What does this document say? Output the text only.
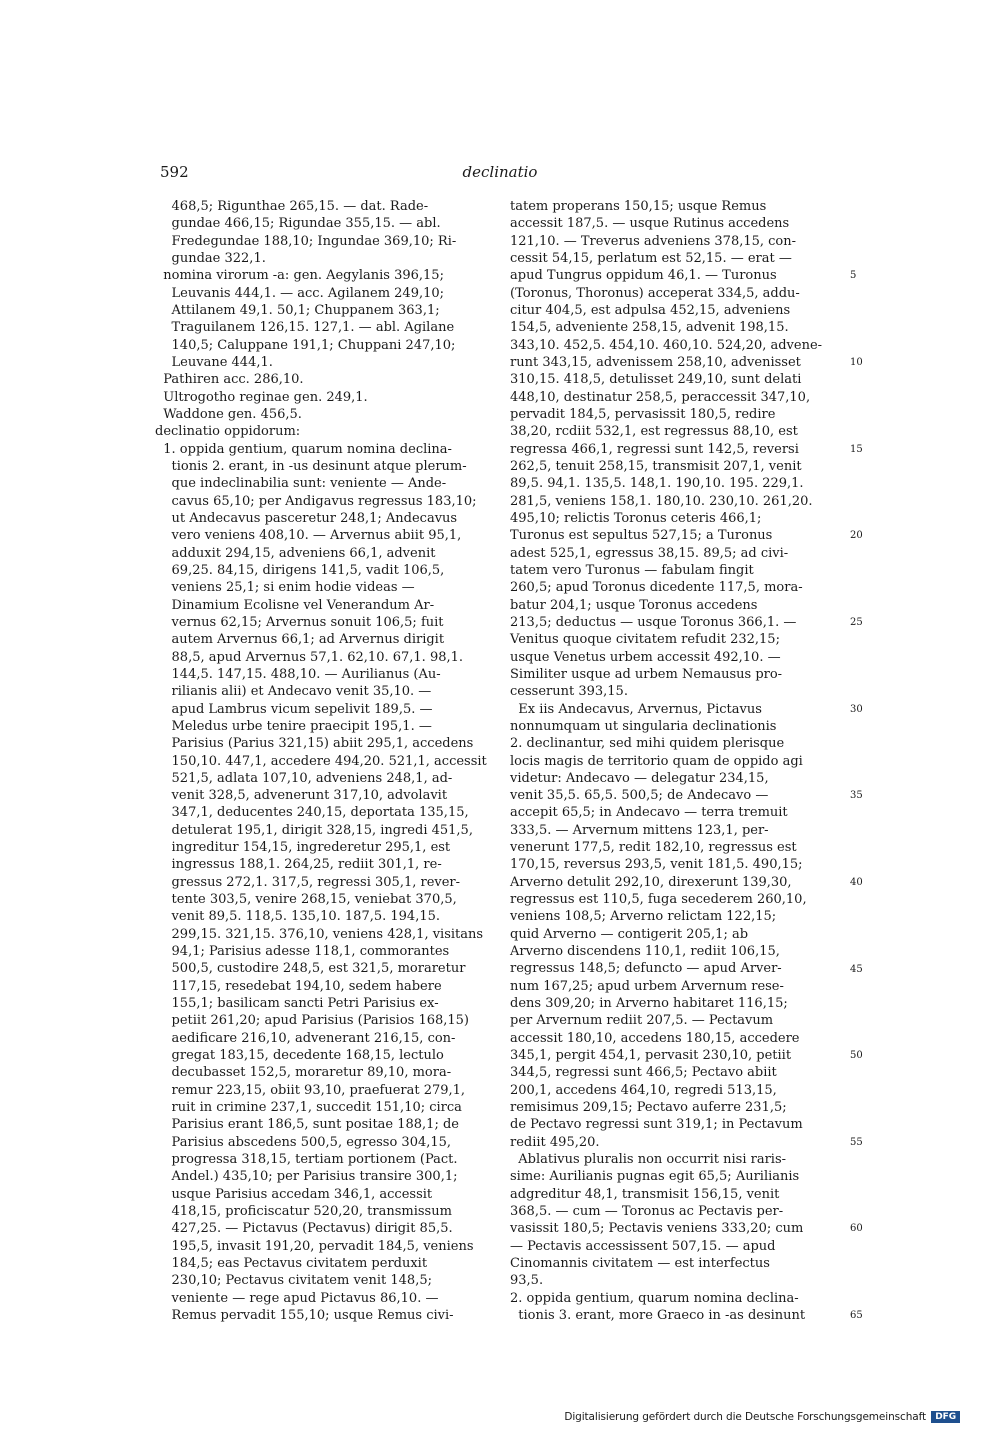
592	declinatio
468,5; Rigunthae 265,15. — dat. Rade-
gundae 466,15; Rigundae 355,15. — abl.
Fredegundae 188,10; Ingundae 369,10; Ri-
gundae 322,1.
nomina virorum -a: gen. Aegylanis 396,15;
Leuvanis 444,1. — acc. Agilanem 249,10;
Attilanem 49,1. 50,1; Chuppanem 363,1;
Traguilanem 126,15. 127,1. — abl. Agilane
140,5; Caluppane 191,1; Chuppani 247,10;
Leuvane 444,1.
Pathiren acc. 286,10.
Ultrogotho reginae gen. 249,1.
Waddone gen. 456,5.
declinatio oppidorum:
1. oppida gentium, quarum nomina declina-
tionis 2. erant, in -us desinunt atque plerum-
que indeclinabilia sunt: veniente — Ande-
cavus 65,10; per Andigavus regressus 183,10;
ut Andecavus pasceretur 248,1; Andecavus
vero veniens 408,10. — Arvernus abiit 95,1,
adduxit 294,15, adveniens 66,1, advenit
69,25. 84,15, dirigens 141,5, vadit 106,5,
veniens 25,1; si enim hodie videas —
Dinamium Ecolisne vel Venerandum Ar-
vernus 62,15; Arvernus sonuit 106,5; fuit
autem Arvernus 66,1; ad Arvernus dirigit
88,5, apud Arvernus 57,1. 62,10. 67,1. 98,1.
144,5. 147,15. 488,10. — Aurilianus (Au-
rilianis alii) et Andecavo venit 35,10. —
apud Lambrus vicum sepelivit 189,5. —
Meledus urbe tenire praecipit 195,1. —
Parisius (Parius 321,15) abiit 295,1, accedens
150,10. 447,1, accedere 494,20. 521,1, accessit
521,5, adlata 107,10, adveniens 248,1, ad-
venit 328,5, advenerunt 317,10, advolavit
347,1, deducentes 240,15, deportata 135,15,
detulerat 195,1, dirigit 328,15, ingredi 451,5,
ingreditur 154,15, ingrederetur 295,1, est
ingressus 188,1. 264,25, rediit 301,1, re-
gressus 272,1. 317,5, regressi 305,1, rever-
tente 303,5, venire 268,15, veniebat 370,5,
venit 89,5. 118,5. 135,10. 187,5. 194,15.
299,15. 321,15. 376,10, veniens 428,1, visitans
94,1; Parisius adesse 118,1, commorantes
500,5, custodire 248,5, est 321,5, moraretur
117,15, resedebat 194,10, sedem habere
155,1; basilicam sancti Petri Parisius ex-
petiit 261,20; apud Parisius (Parisios 168,15)
aedificare 216,10, advenerant 216,15, con-
gregat 183,15, decedente 168,15, lectulo
decubasset 152,5, moraretur 89,10, mora-
remur 223,15, obiit 93,10, praefuerat 279,1,
ruit in crimine 237,1, succedit 151,10; circa
Parisius erant 186,5, sunt positae 188,1; de
Parisius abscedens 500,5, egresso 304,15,
progressa 318,15, tertiam portionem (Pact.
Andel.) 435,10; per Parisius transire 300,1;
usque Parisius accedam 346,1, accessit
418,15, proficiscatur 520,20, transmissum
427,25. — Pictavus (Pectavus) dirigit 85,5.
195,5, invasit 191,20, pervadit 184,5, veniens
184,5; eas Pectavus civitatem perduxit
230,10; Pectavus civitatem venit 148,5;
veniente — rege apud Pictavus 86,10. —
Remus pervadit 155,10; usque Remus civi-
tatem properans 150,15; usque Remus
accessit 187,5. — usque Rutinus accedens
121,10. — Treverus adveniens 378,15, con-
cessit 54,15, perlatum est 52,15. — erat —
apud Tungrus oppidum 46,1. — Turonus
(Toronus, Thoronus) acceperat 334,5, addu-
citur 404,5, est adpulsa 452,15, adveniens
154,5, adveniente 258,15, advenit 198,15.
343,10. 452,5. 454,10. 460,10. 524,20, advene-
runt 343,15, advenissem 258,10, advenisset
310,15. 418,5, detulisset 249,10, sunt delati
448,10, destinatur 258,5, peraccessit 347,10,
pervadit 184,5, pervasissit 180,5, redire
38,20, rcdiit 532,1, est regressus 88,10, est
regressa 466,1, regressi sunt 142,5, reversi
262,5, tenuit 258,15, transmisit 207,1, venit
89,5. 94,1. 135,5. 148,1. 190,10. 195. 229,1.
281,5, veniens 158,1. 180,10. 230,10. 261,20.
495,10; relictis Toronus ceteris 466,1;
Turonus est sepultus 527,15; a Turonus
adest 525,1, egressus 38,15. 89,5; ad civi-
tatem vero Turonus — fabulam fingit
260,5; apud Toronus dicedente 117,5, mora-
batur 204,1; usque Toronus accedens
213,5; deductus — usque Toronus 366,1. —
Venitus quoque civitatem refudit 232,15;
usque Venetus urbem accessit 492,10. —
Similiter usque ad urbem Nemausus pro-
cesserunt 393,15.
Ex iis Andecavus, Arvernus, Pictavus
nonnumquam ut singularia declinationis
2. declinantur, sed mihi quidem plerisque
locis magis de territorio quam de oppido agi
videtur: Andecavo — delegatur 234,15,
venit 35,5. 65,5. 500,5; de Andecavo —
accepit 65,5; in Andecavo — terra tremuit
333,5. — Arvernum mittens 123,1, per-
venerunt 177,5, redit 182,10, regressus est
170,15, reversus 293,5, venit 181,5. 490,15;
Arverno detulit 292,10, direxerunt 139,30,
regressus est 110,5, fuga secederem 260,10,
veniens 108,5; Arverno relictam 122,15;
quid Arverno — contigerit 205,1; ab
Arverno discendens 110,1, rediit 106,15,
regressus 148,5; defuncto — apud Arver-
num 167,25; apud urbem Arvernum rese-
dens 309,20; in Arverno habitaret 116,15;
per Arvernum rediit 207,5. — Pectavum
accessit 180,10, accedens 180,15, accedere
345,1, pergit 454,1, pervasit 230,10, petiit
344,5, regressi sunt 466,5; Pectavo abiit
200,1, accedens 464,10, regredi 513,15,
remisimus 209,15; Pectavo auferre 231,5;
de Pectavo regressi sunt 319,1; in Pectavum
rediit 495,20.
Ablativus pluralis non occurrit nisi raris-
sime: Aurilianis pugnas egit 65,5; Aurilianis
adgreditur 48,1, transmisit 156,15, venit
368,5. — cum — Toronus ac Pectavis per-
vasissit 180,5; Pectavis veniens 333,20; cum
— Pectavis accessissent 507,15. — apud
Cinomannis civitatem — est interfectus
93,5.
2. oppida gentium, quarum nomina declina-
tionis 3. erant, more Graeco in -as desinunt
5
10
15
20
25
30
35
40
45
50
55
60
65
Digitalisierung gefördert durch die Deutsche Forschungsgemeinschaft DFG
